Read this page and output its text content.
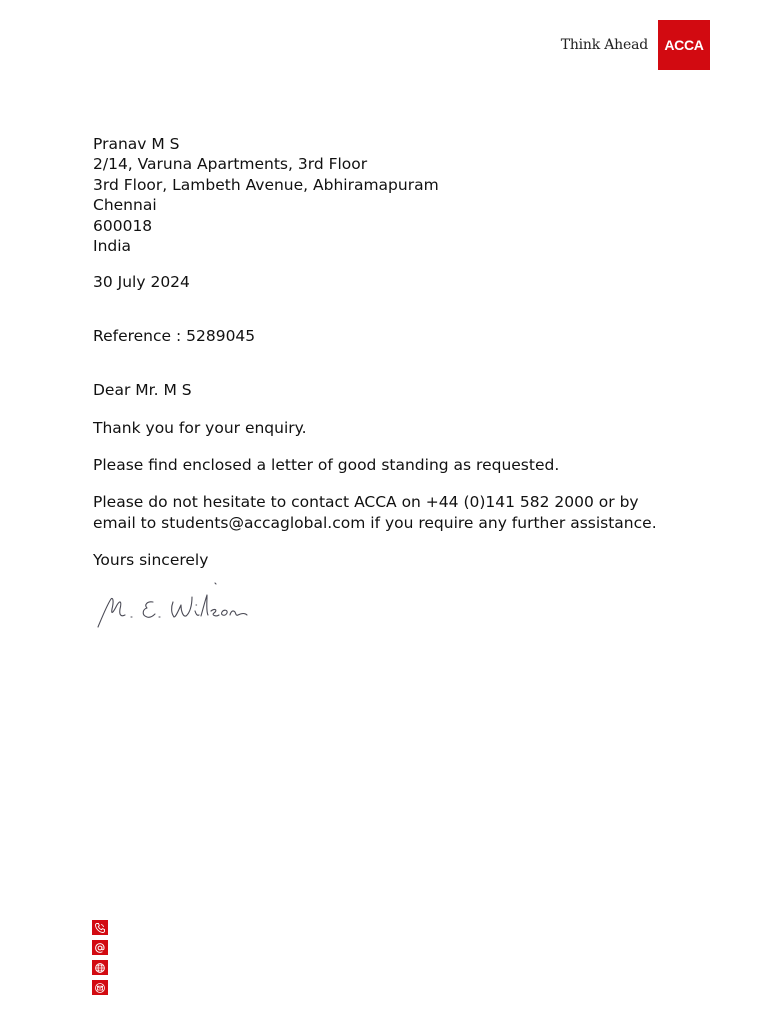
Think Ahead ACCA
Pranav M S
2/14, Varuna Apartments, 3rd Floor
3rd Floor, Lambeth Avenue, Abhiramapuram
Chennai
600018
India
30 July 2024
Reference : 5289045
Dear Mr. M S
Thank you for your enquiry.
Please find enclosed a letter of good standing as requested.
Please do not hesitate to contact ACCA on +44 (0)141 582 2000 or by
email to students@accaglobal.com if you require any further assistance.
Yours sincerely
